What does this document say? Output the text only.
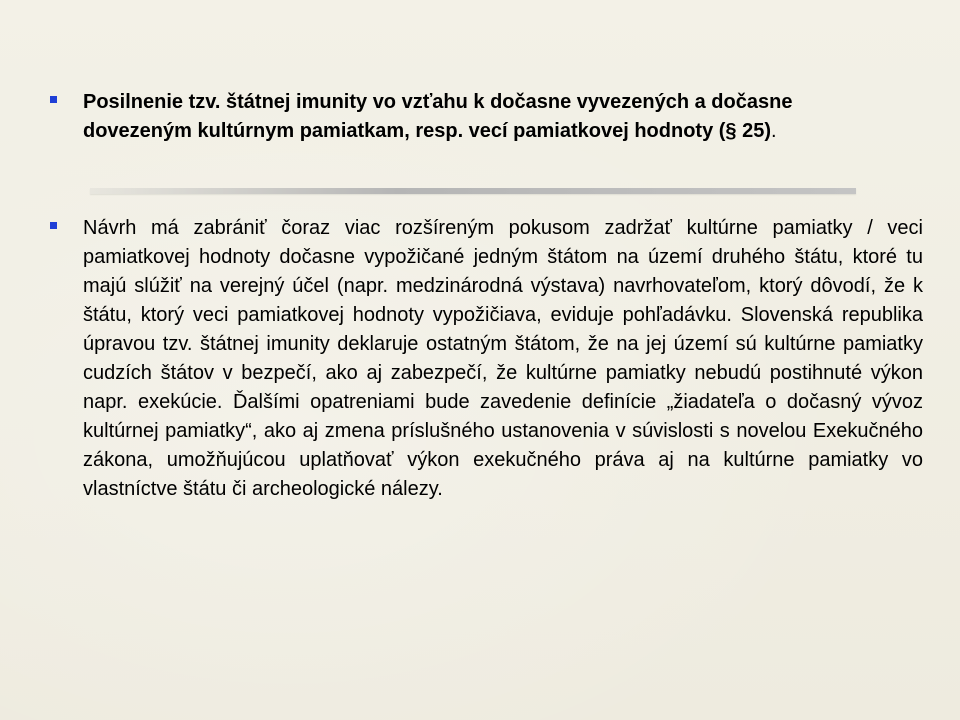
Posilnenie tzv. štátnej imunity vo vzťahu k dočasne vyvezených a dočasne dovezeným kultúrnym pamiatkam, resp. vecí pamiatkovej hodnoty (§ 25).
Návrh má zabrániť čoraz viac rozšíreným pokusom zadržať kultúrne pamiatky / veci pamiatkovej hodnoty dočasne vypožičané jedným štátom na území druhého štátu, ktoré tu majú slúžiť na verejný účel (napr. medzinárodná výstava) navrhovateľom, ktorý dôvodí, že k štátu, ktorý veci pamiatkovej hodnoty vypožičiava, eviduje pohľadávku. Slovenská republika úpravou tzv. štátnej imunity deklaruje ostatným štátom, že na jej území sú kultúrne pamiatky cudzích štátov v bezpečí, ako aj zabezpečí, že kultúrne pamiatky nebudú postihnuté výkon napr. exekúcie. Ďalšími opatreniami bude zavedenie definície „žiadateľa o dočasný vývoz kultúrnej pamiatky“, ako aj zmena príslušného ustanovenia v súvislosti s novelou Exekučného zákona, umožňujúcou uplatňovať výkon exekučného práva aj na kultúrne pamiatky vo vlastníctve štátu či archeologické nálezy.
